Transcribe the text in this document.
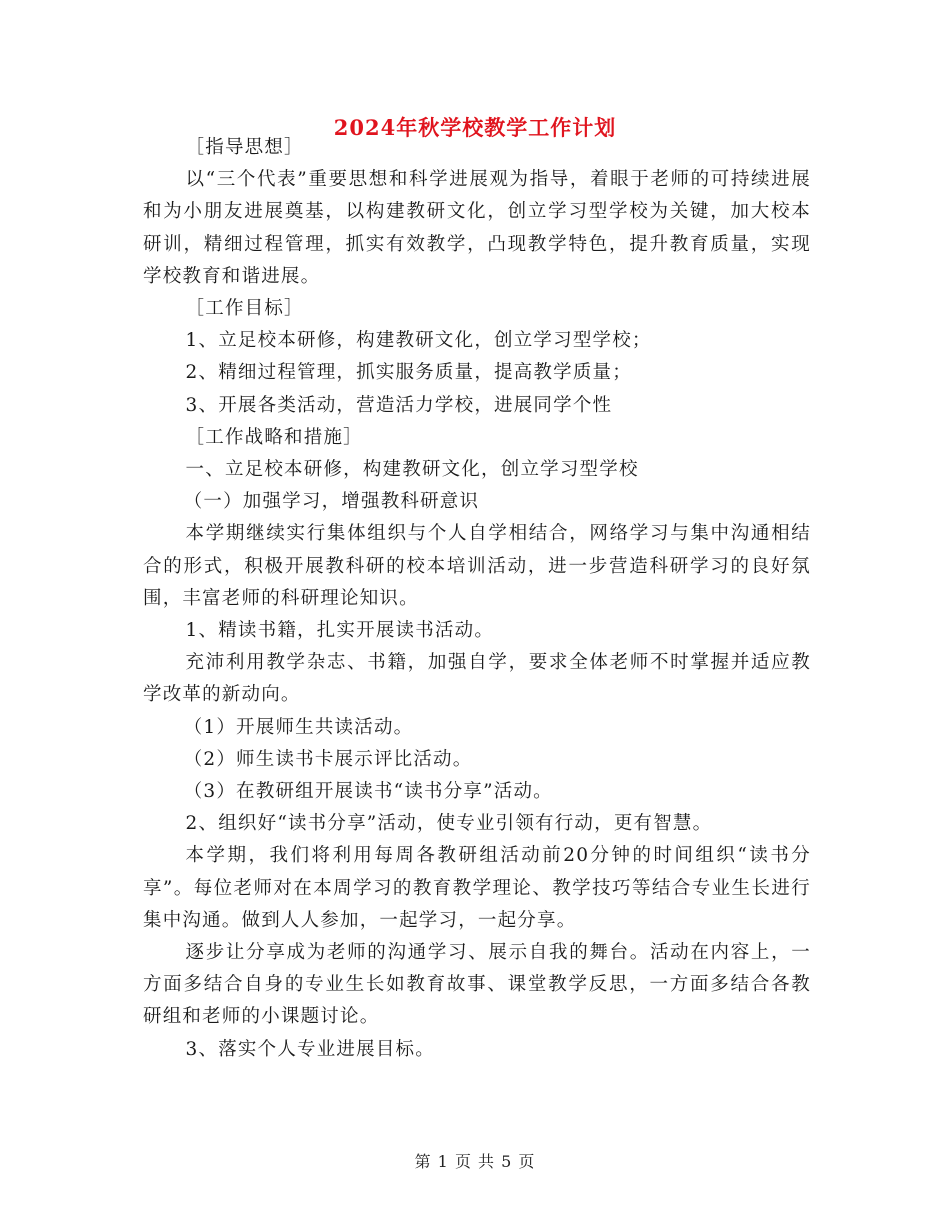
2024年秋学校教学工作计划

［指导思想］

以“三个代表”重要思想和科学进展观为指导，着眼于老师的可持续进展和为小朋友进展奠基，以构建教研文化，创立学习型学校为关键，加大校本研训，精细过程管理，抓实有效教学，凸现教学特色，提升教育质量，实现学校教育和谐进展。

［工作目标］

1、立足校本研修，构建教研文化，创立学习型学校；

2、精细过程管理，抓实服务质量，提高教学质量；

3、开展各类活动，营造活力学校，进展同学个性

［工作战略和措施］

一、立足校本研修，构建教研文化，创立学习型学校

（一）加强学习，增强教科研意识

本学期继续实行集体组织与个人自学相结合，网络学习与集中沟通相结合的形式，积极开展教科研的校本培训活动，进一步营造科研学习的良好氛围，丰富老师的科研理论知识。

1、精读书籍，扎实开展读书活动。

充沛利用教学杂志、书籍，加强自学，要求全体老师不时掌握并适应教学改革的新动向。

（1）开展师生共读活动。

（2）师生读书卡展示评比活动。

（3）在教研组开展读书“读书分享”活动。

2、组织好“读书分享”活动，使专业引领有行动，更有智慧。

本学期，我们将利用每周各教研组活动前20分钟的时间组织“读书分享”。每位老师对在本周学习的教育教学理论、教学技巧等结合专业生长进行集中沟通。做到人人参加，一起学习，一起分享。

逐步让分享成为老师的沟通学习、展示自我的舞台。活动在内容上，一方面多结合自身的专业生长如教育故事、课堂教学反思，一方面多结合各教研组和老师的小课题讨论。

3、落实个人专业进展目标。

第 1 页 共 5 页
